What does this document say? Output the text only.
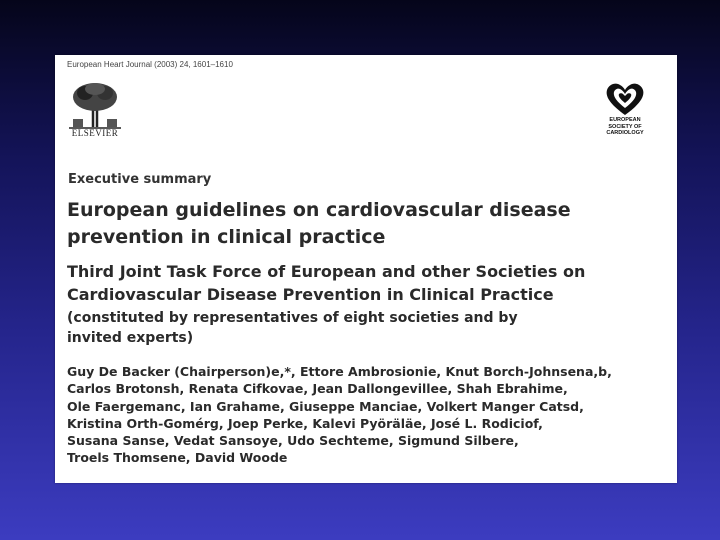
European Heart Journal (2003) 24, 1601–1610
ELSEVIER
EUROPEAN
SOCIETY OF
CARDIOLOGY
Executive summary
European guidelines on cardiovascular disease
prevention in clinical practice
Third Joint Task Force of European and other Societies on
Cardiovascular Disease Prevention in Clinical Practice
(constituted by representatives of eight societies and by
invited experts)
Guy De Backer (Chairperson)e,*, Ettore Ambrosionie, Knut Borch-Johnsena,b,
Carlos Brotonsh, Renata Cifkovae, Jean Dallongevillee, Shah Ebrahime,
Ole Faergemanc, Ian Grahame, Giuseppe Manciae, Volkert Manger Catsd,
Kristina Orth-Gomérg, Joep Perke, Kalevi Pyöräläe, José L. Rodiciof,
Susana Sanse, Vedat Sansoye, Udo Sechteme, Sigmund Silbere,
Troels Thomsene, David Woode
